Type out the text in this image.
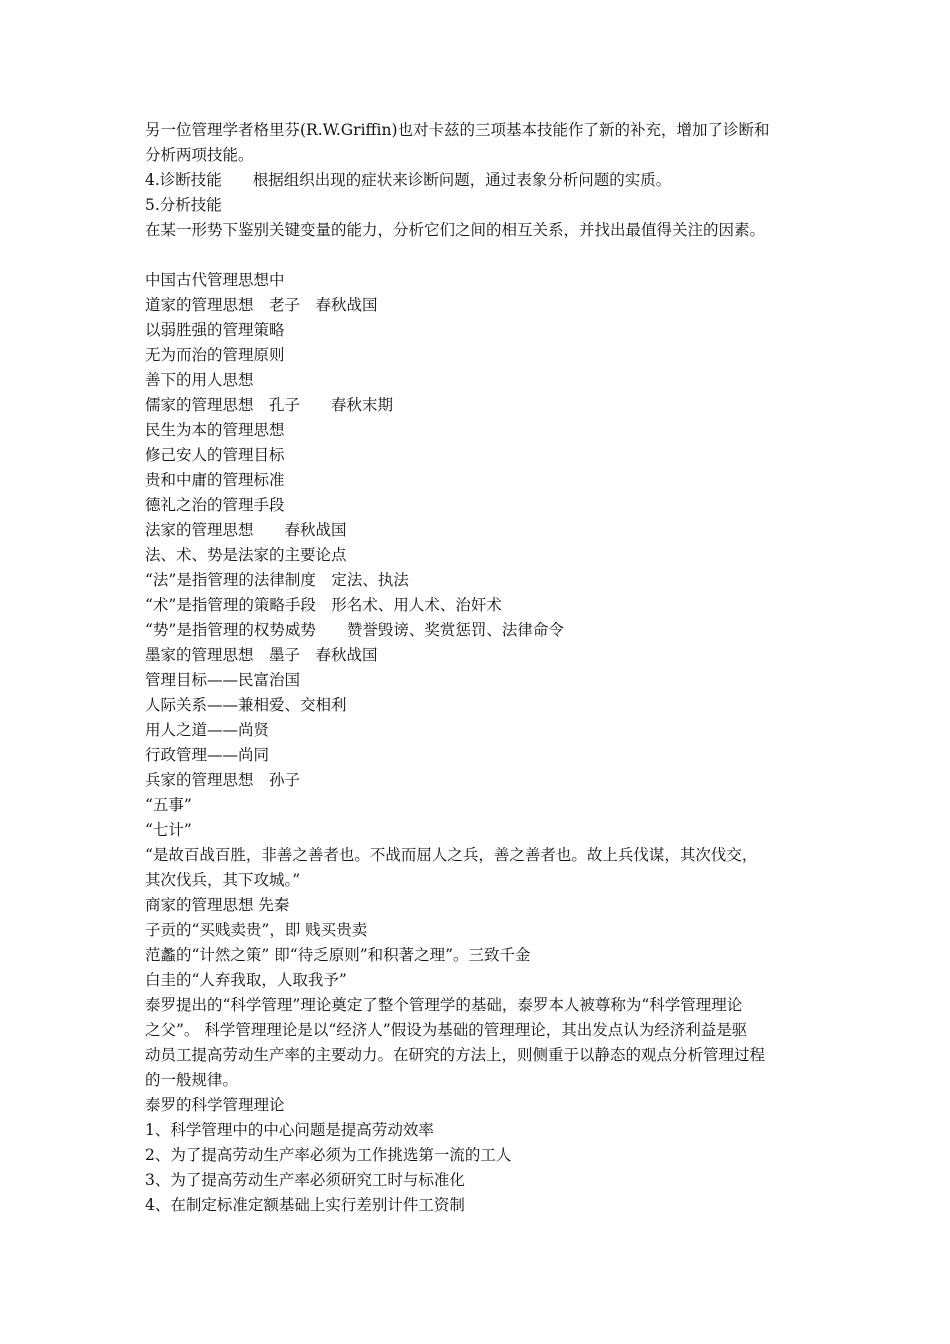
另一位管理学者格里芬(R.W.Griffin)也对卡兹的三项基本技能作了新的补充，增加了诊断和

分析两项技能。

4.诊断技能　　根据组织出现的症状来诊断问题，通过表象分析问题的实质。

5.分析技能

在某一形势下鉴别关键变量的能力，分析它们之间的相互关系，并找出最值得关注的因素。

中国古代管理思想中

道家的管理思想　老子　春秋战国

以弱胜强的管理策略

无为而治的管理原则

善下的用人思想

儒家的管理思想　孔子　　春秋末期

民生为本的管理思想

修己安人的管理目标

贵和中庸的管理标准

德礼之治的管理手段

法家的管理思想　　春秋战国

法、术、势是法家的主要论点

“法”是指管理的法律制度　定法、执法

“术”是指管理的策略手段　形名术、用人术、治奸术

“势”是指管理的权势威势　　赞誉毁谤、奖赏惩罚、法律命令

墨家的管理思想　墨子　春秋战国

管理目标——民富治国

人际关系——兼相爱、交相利

用人之道——尚贤

行政管理——尚同

兵家的管理思想　孙子

“五事”

“七计”

“是故百战百胜，非善之善者也。不战而屈人之兵，善之善者也。故上兵伐谋，其次伐交，

其次伐兵，其下攻城。”

商家的管理思想 先秦

子贡的“买贱卖贵”，即 贱买贵卖

范蠡的“计然之策” 即“待乏原则”和积著之理”。三致千金

白圭的“人弃我取，人取我予”

泰罗提出的“科学管理”理论奠定了整个管理学的基础，泰罗本人被尊称为“科学管理理论

之父”。 科学管理理论是以“经济人”假设为基础的管理理论，其出发点认为经济利益是驱

动员工提高劳动生产率的主要动力。在研究的方法上，则侧重于以静态的观点分析管理过程

的一般规律。

泰罗的科学管理理论

1、科学管理中的中心问题是提高劳动效率

2、为了提高劳动生产率必须为工作挑选第一流的工人

3、为了提高劳动生产率必须研究工时与标准化

4、在制定标准定额基础上实行差别计件工资制
